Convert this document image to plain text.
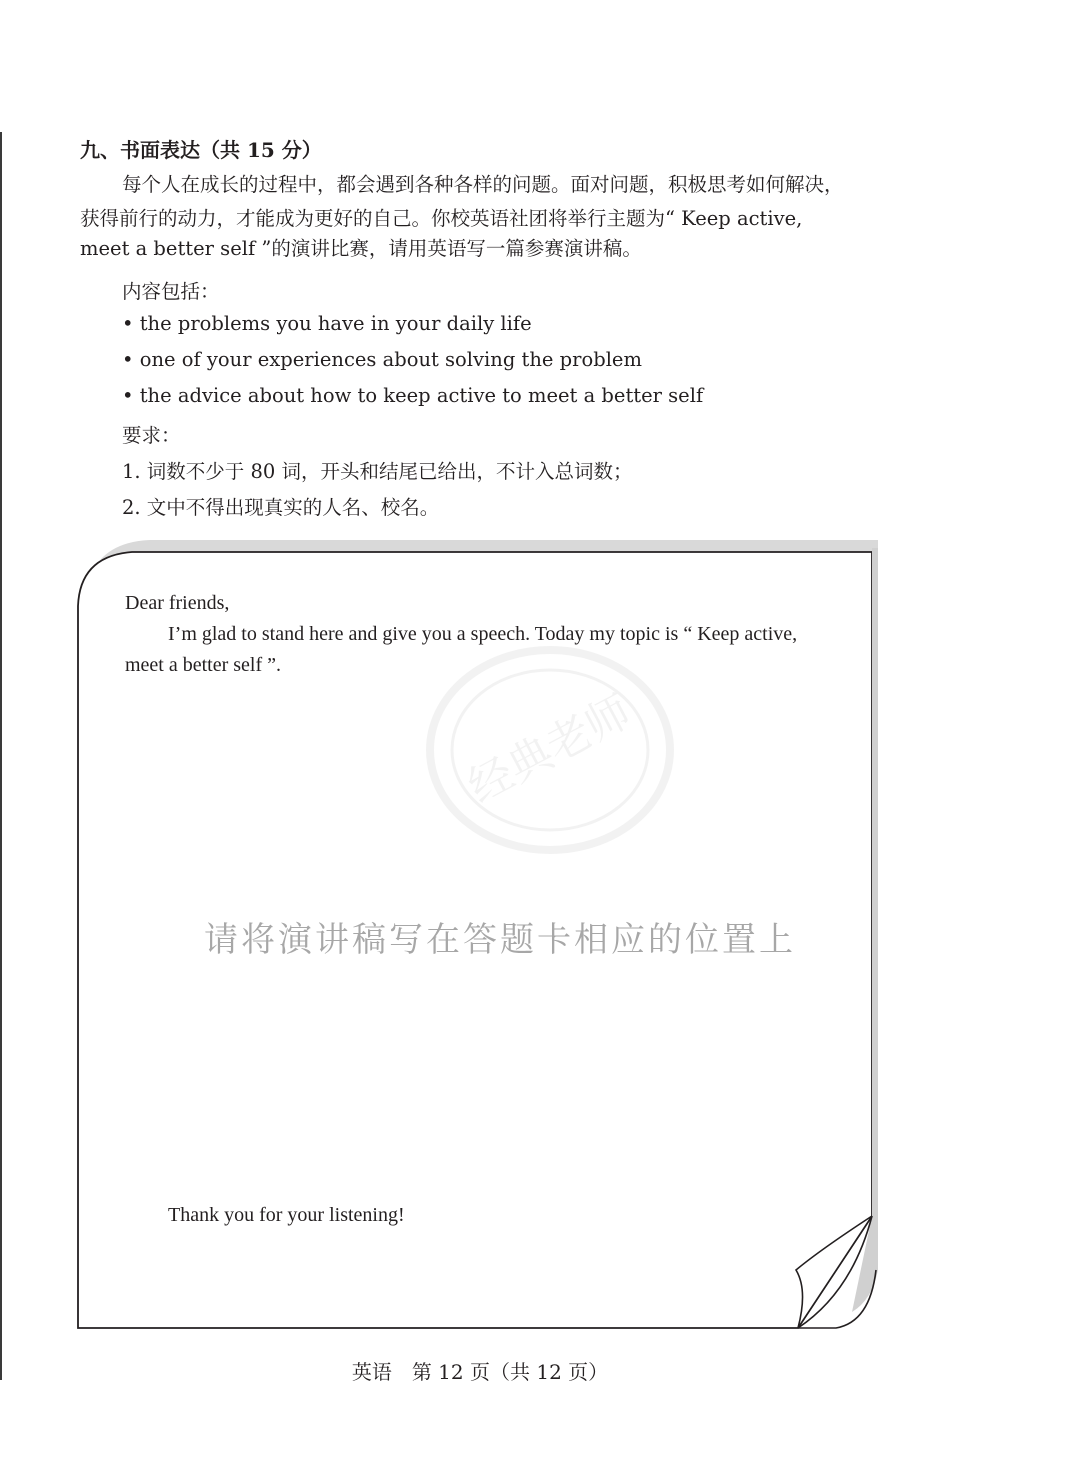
九、书面表达（共 15 分）
每个人在成长的过程中，都会遇到各种各样的问题。面对问题，积极思考如何解决，
获得前行的动力，才能成为更好的自己。你校英语社团将举行主题为“ Keep active,
meet a better self ”的演讲比赛，请用英语写一篇参赛演讲稿。
内容包括：
• the problems you have in your daily life
• one of your experiences about solving the problem
• the advice about how to keep active to meet a better self
要求：
1. 词数不少于 80 词，开头和结尾已给出，不计入总词数；
2. 文中不得出现真实的人名、校名。
经典老师
Dear friends,
I’m glad to stand here and give you a speech. Today my topic is “ Keep active,
meet a better self ”.
请将演讲稿写在答题卡相应的位置上
Thank you for your listening!
英语　第 12 页（共 12 页）
